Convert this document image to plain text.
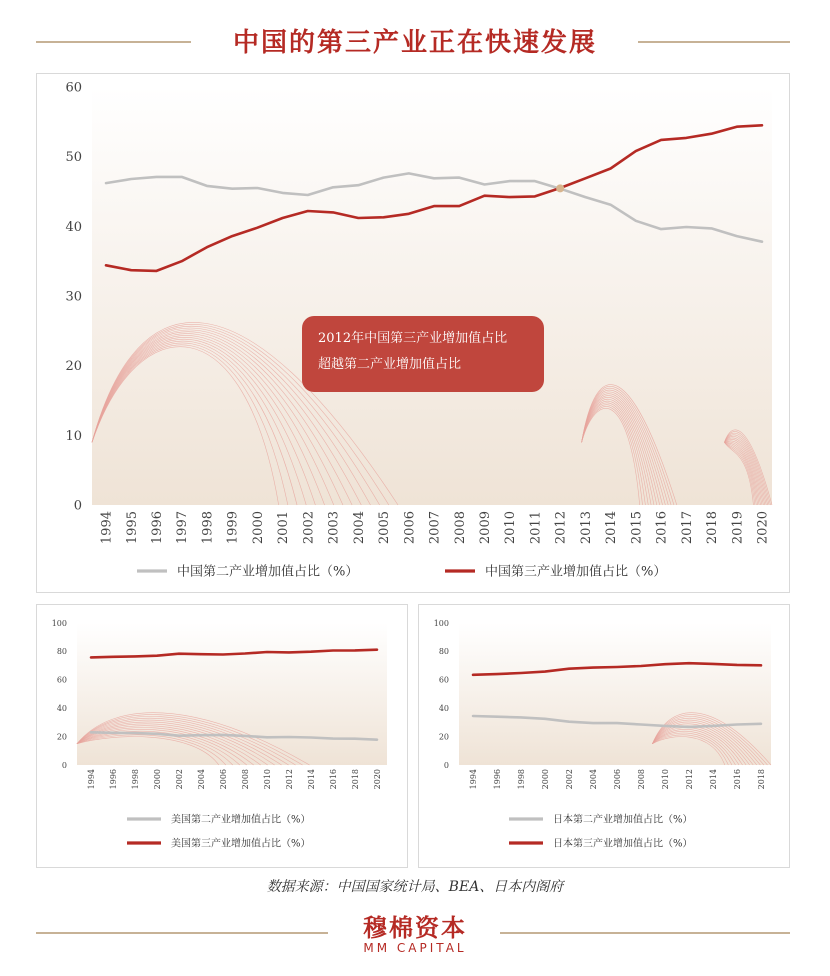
中国的第三产业正在快速发展
0
10
20
30
40
50
60
1994 1995 1996 1997 1998 1999 2000 2001 2002 2003 2004 2005 2006 2007 2008 2009 2010 2011 2012 2013 2014 2015 2016 2017 2018 2019 2020
中国第二产业增加值占比（%）	中国第三产业增加值占比（%）
0
20
40
60
80
100
1994 1996 1998 2000 2002 2004 2006 2008 2010 2012 2014 2016 2018 2020
美国第二产业增加值占比（%）
美国第三产业增加值占比（%）
0
20
40
60
80
100
1994 1996 1998 2000 2002 2004 2006 2008 2010 2012 2014 2016 2018
日本第二产业增加值占比（%）
日本第三产业增加值占比（%）
2012年中国第三产业增加值占比
超越第二产业增加值占比
数据来源：中国国家统计局、BEA、日本内阁府
穆棉资本
MM CAPITAL
